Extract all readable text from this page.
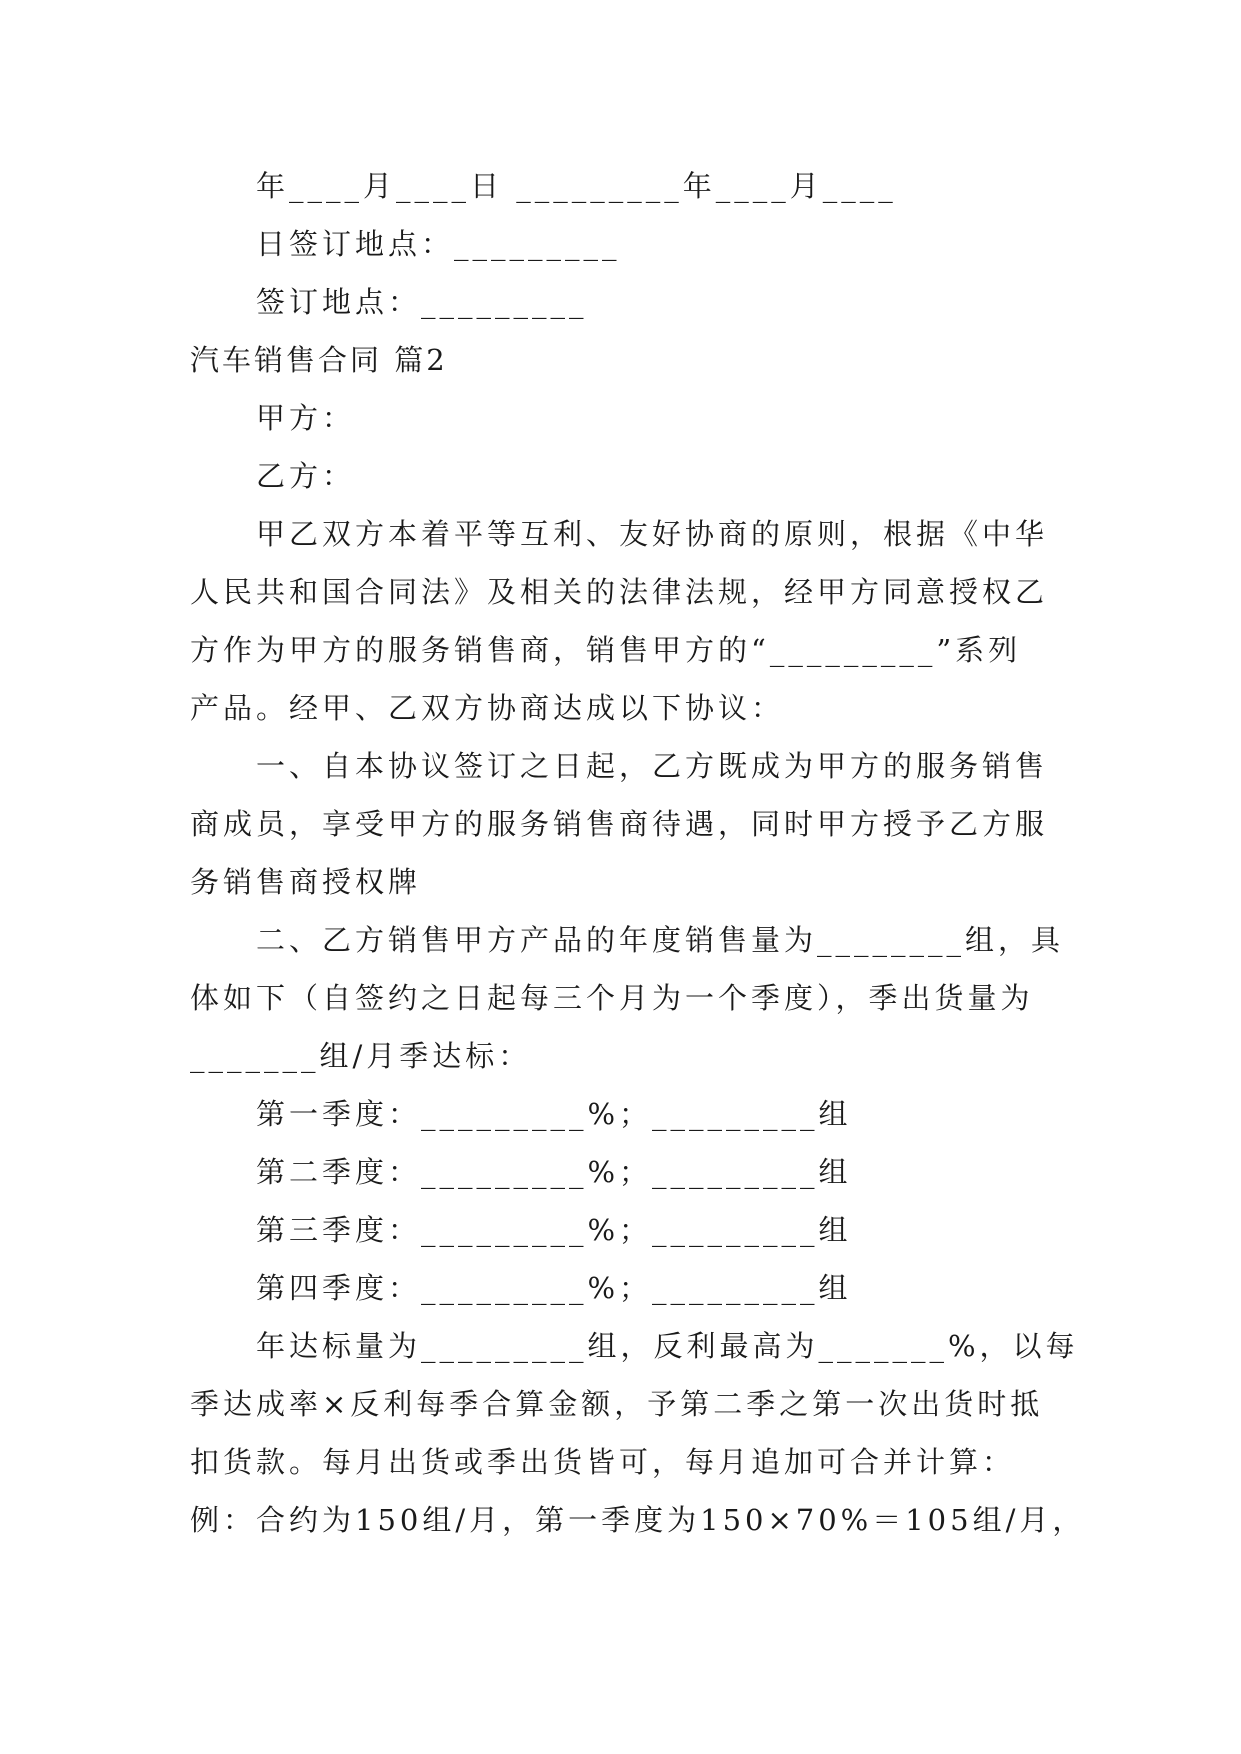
年____月____日 _________年____月____

日签订地点：_________

签订地点：_________

汽车销售合同 篇2

甲方：

乙方：

甲乙双方本着平等互利、友好协商的原则，根据《中华

人民共和国合同法》及相关的法律法规，经甲方同意授权乙

方作为甲方的服务销售商，销售甲方的“_________”系列

产品。经甲、乙双方协商达成以下协议：

一、自本协议签订之日起，乙方既成为甲方的服务销售

商成员，享受甲方的服务销售商待遇，同时甲方授予乙方服

务销售商授权牌

二、乙方销售甲方产品的年度销售量为________组，具

体如下（自签约之日起每三个月为一个季度），季出货量为

_______组/月季达标：

第一季度：_________%；_________组

第二季度：_________%；_________组

第三季度：_________%；_________组

第四季度：_________%；_________组

年达标量为_________组，反利最高为_______%，以每

季达成率×反利每季合算金额，予第二季之第一次出货时抵

扣货款。每月出货或季出货皆可，每月追加可合并计算：

例：合约为150组/月，第一季度为150×70%＝105组/月，
